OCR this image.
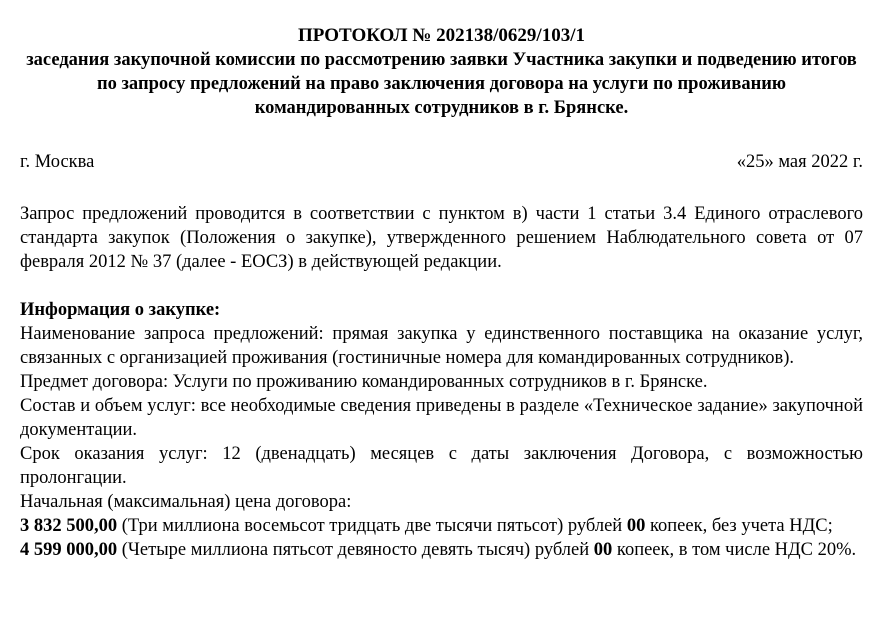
ПРОТОКОЛ № 202138/0629/103/1

заседания закупочной комиссии по рассмотрению заявки Участника закупки и подведению итогов по запросу предложений на право заключения договора на услуги по проживанию командированных сотрудников в г. Брянске.

г. Москва	«25» мая 2022 г.

Запрос предложений проводится в соответствии с пунктом в) части 1 статьи 3.4 Единого отраслевого стандарта закупок (Положения о закупке), утвержденного решением Наблюдательного совета от 07 февраля 2012 № 37 (далее - ЕОСЗ) в действующей редакции.

Информация о закупке:

Наименование запроса предложений: прямая закупка у единственного поставщика на оказание услуг, связанных с организацией проживания (гостиничные номера для командированных сотрудников).

Предмет договора: Услуги по проживанию командированных сотрудников в г. Брянске.

Состав и объем услуг: все необходимые сведения приведены в разделе «Техническое задание» закупочной документации.

Срок оказания услуг: 12 (двенадцать) месяцев с даты заключения Договора, с возможностью пролонгации.

Начальная (максимальная) цена договора:

3 832 500,00 (Три миллиона восемьсот тридцать две тысячи пятьсот) рублей 00 копеек, без учета НДС;

4 599 000,00 (Четыре миллиона пятьсот девяносто девять тысяч) рублей 00 копеек, в том числе НДС 20%.
